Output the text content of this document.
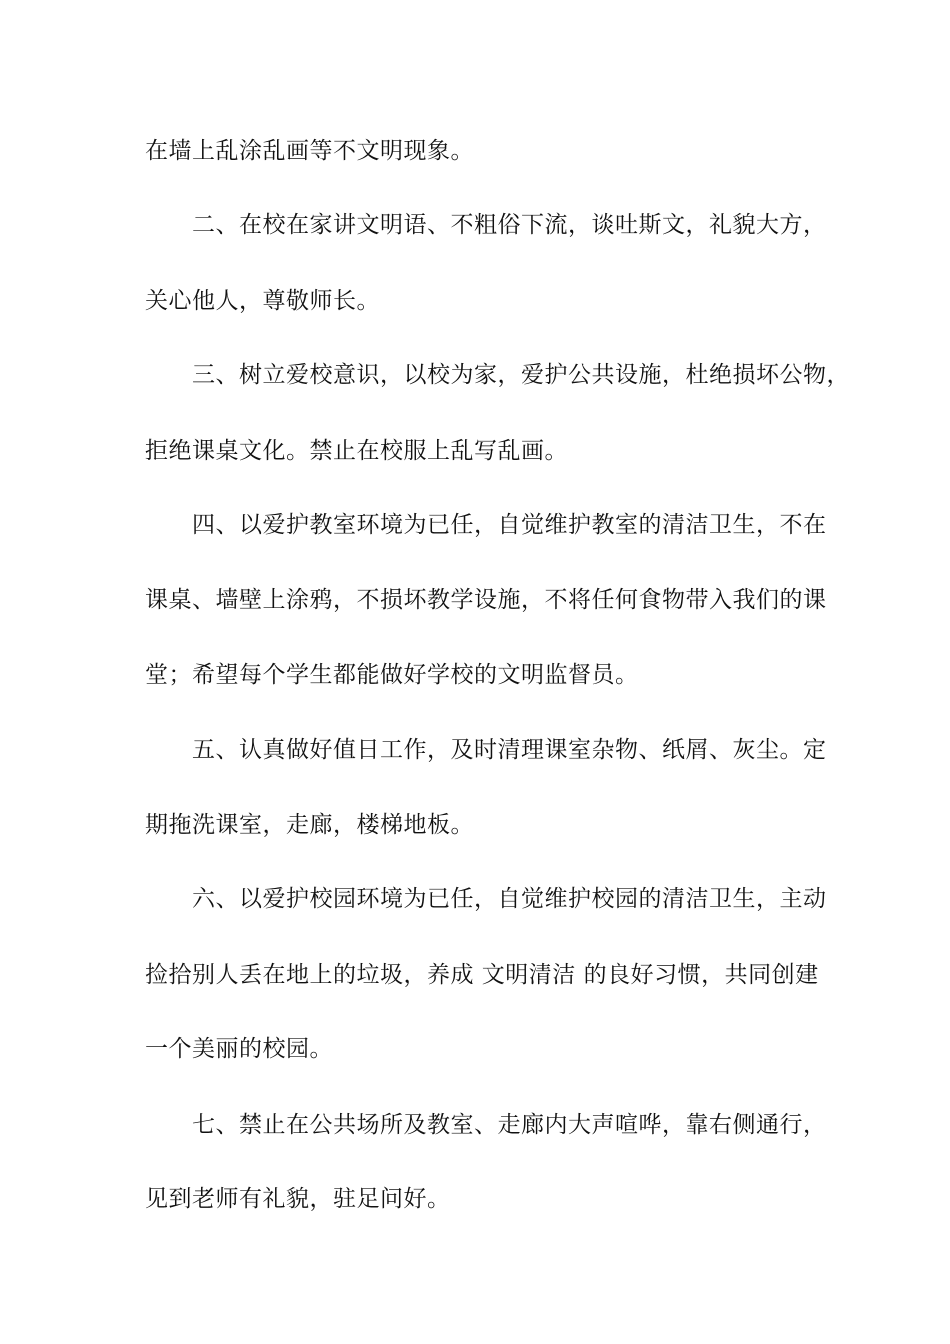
在墙上乱涂乱画等不文明现象。
二、在校在家讲文明语、不粗俗下流，谈吐斯文，礼貌大方，
关心他人，尊敬师长。
三、树立爱校意识，以校为家，爱护公共设施，杜绝损坏公物，
拒绝课桌文化。禁止在校服上乱写乱画。
四、以爱护教室环境为已任，自觉维护教室的清洁卫生，不在
课桌、墙壁上涂鸦，不损坏教学设施，不将任何食物带入我们的课
堂；希望每个学生都能做好学校的文明监督员。
五、认真做好值日工作，及时清理课室杂物、纸屑、灰尘。定
期拖洗课室，走廊，楼梯地板。
六、以爱护校园环境为已任，自觉维护校园的清洁卫生，主动
捡拾别人丢在地上的垃圾，养成 文明清洁 的良好习惯，共同创建
一个美丽的校园。
七、禁止在公共场所及教室、走廊内大声喧哗，靠右侧通行，
见到老师有礼貌，驻足问好。
